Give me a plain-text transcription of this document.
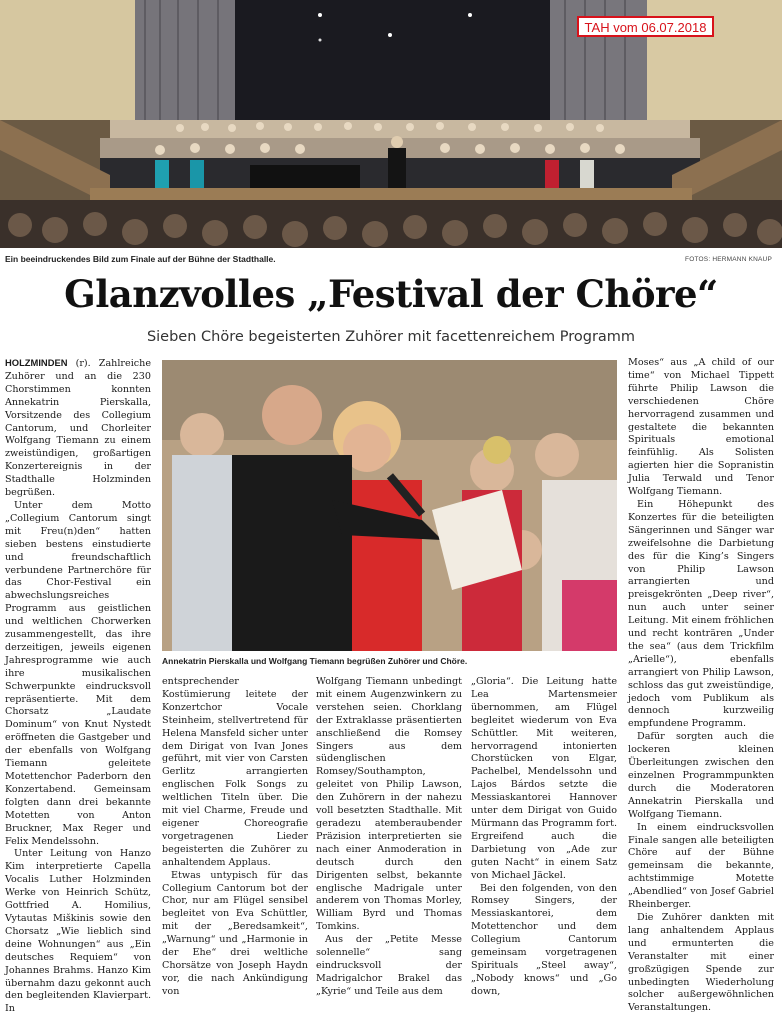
TAH vom 06.07.2018
Ein beeindruckendes Bild zum Finale auf der Bühne der Stadthalle.	FOTOS: HERMANN KNAUP
Glanzvolles „Festival der Chöre“
Sieben Chöre begeisterten Zuhörer mit facettenreichem Programm

HOLZMINDEN (r). Zahlreiche Zuhörer und an die 230 Chorstimmen konnten Annekatrin Pierskalla, Vorsitzende des Collegium Cantorum, und Chorleiter Wolfgang Tiemann zu einem zweistündigen, großartigen Konzertereignis in der Stadthalle Holzminden begrüßen.

Unter dem Motto „Collegium Cantorum singt mit Freu(n)den“ hatten sieben bestens einstudierte und freundschaftlich verbundene Partnerchöre für das Chor-Festival ein abwechslungsreiches Programm aus geistlichen und weltlichen Chorwerken zusammengestellt, das ihre derzeitigen, jeweils eigenen Jahresprogramme wie auch ihre musikalischen Schwerpunkte eindrucksvoll repräsentierte. Mit dem Chorsatz „Laudate Dominum“ von Knut Nystedt eröffneten die Gastgeber und der ebenfalls von Wolfgang Tiemann geleitete Motettenchor Paderborn den Konzertabend. Gemeinsam folgten dann drei bekannte Motetten von Anton Bruckner, Max Reger und Felix Mendelssohn.

Unter Leitung von Hanzo Kim interpretierte Capella Vocalis Luther Holzminden Werke von Heinrich Schütz, Gottfried A. Homilius, Vytautas Miškinis sowie den Chorsatz „Wie lieblich sind deine Wohnungen“ aus „Ein deutsches Requiem“ von Johannes Brahms. Hanzo Kim übernahm dazu gekonnt auch den begleitenden Klavierpart. In

Annekatrin Pierskalla und Wolfgang Tiemann begrüßen Zuhörer und Chöre.

entsprechender Kostümierung leitete der Konzertchor Vocale Steinheim, stellvertretend für Helena Mansfeld sicher unter dem Dirigat von Ivan Jones geführt, mit vier von Carsten Gerlitz arrangierten englischen Folk Songs zu weltlichen Titeln über. Die mit viel Charme, Freude und eigener Choreografie vorgetragenen Lieder begeisterten die Zuhörer zu anhaltendem Applaus.

Etwas untypisch für das Collegium Cantorum bot der Chor, nur am Flügel sensibel begleitet von Eva Schüttler, mit der „Beredsamkeit“, „Warnung“ und „Harmonie in der Ehe“ drei weltliche Chorsätze von Joseph Haydn vor, die nach Ankündigung von

Wolfgang Tiemann unbedingt mit einem Augenzwinkern zu verstehen seien. Chorklang der Extraklasse präsentierten anschließend die Romsey Singers aus dem südenglischen Romsey/Southampton, geleitet von Philip Lawson, den Zuhörern in der nahezu voll besetzten Stadthalle. Mit geradezu atemberaubender Präzision interpretierten sie nach einer Anmoderation in deutsch durch den Dirigenten selbst, bekannte englische Madrigale unter anderem von Thomas Morley, William Byrd und Thomas Tomkins.

Aus der „Petite Messe solennelle“ sang eindrucksvoll der Madrigalchor Brakel das „Kyrie“ und Teile aus dem

„Gloria“. Die Leitung hatte Lea Martensmeier übernommen, am Flügel begleitet wiederum von Eva Schüttler. Mit weiteren, hervorragend intonierten Chorstücken von Elgar, Pachelbel, Mendelssohn und Lajos Bárdos setzte die Messiaskantorei Hannover unter dem Dirigat von Guido Mürmann das Programm fort. Ergreifend auch die Darbietung von „Ade zur guten Nacht“ in einem Satz von Michael Jäckel.

Bei den folgenden, von den Romsey Singers, der Messiaskantorei, dem Motettenchor und dem Collegium Cantorum gemeinsam vorgetragenen Spirituals „Steel away“, „Nobody knows“ und „Go down,

Moses“ aus „A child of our time“ von Michael Tippett führte Philip Lawson die verschiedenen Chöre hervorragend zusammen und gestaltete die bekannten Spirituals emotional feinfühlig. Als Solisten agierten hier die Sopranistin Julia Terwald und Tenor Wolfgang Tiemann.

Ein Höhepunkt des Konzertes für die beteiligten Sängerinnen und Sänger war zweifelsohne die Darbietung des für die King’s Singers von Philip Lawson arrangierten und preisgekrönten „Deep river“, nun auch unter seiner Leitung. Mit einem fröhlichen und recht konträren „Under the sea“ (aus dem Trickfilm „Arielle“), ebenfalls arrangiert von Philip Lawson, schloss das gut zweistündige, jedoch vom Publikum als dennoch kurzweilig empfundene Programm.

Dafür sorgten auch die lockeren kleinen Überleitungen zwischen den einzelnen Programmpunkten durch die Moderatoren Annekatrin Pierskalla und Wolfgang Tiemann.

In einem eindrucksvollen Finale sangen alle beteiligten Chöre auf der Bühne gemeinsam die bekannte, achtstimmige Motette „Abendlied“ von Josef Gabriel Rheinberger.

Die Zuhörer dankten mit lang anhaltendem Applaus und ermunterten die Veranstalter mit einer großzügigen Spende zur unbedingten Wiederholung solcher außergewöhnlichen Veranstaltungen.
